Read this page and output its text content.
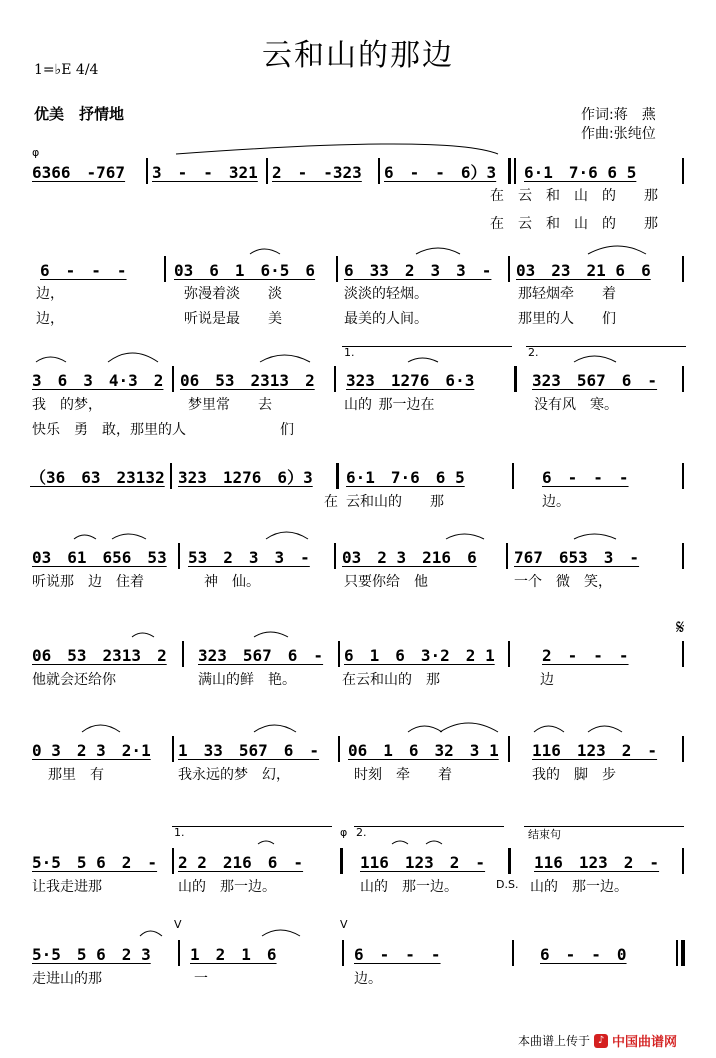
云和山的那边
1=♭E 4/4
优美　抒情地	作词:蒋　燕
作曲:张纯位
φ
6366　-767 3　-　-　321 2　-　-323 6　-　-　6）3 6·1　7·6 6 5
在　云　和　山　的　　那
在　云　和　山　的　　那
6　-　-　-	03　6　1　6·5　6 6　33　2　3　3　- 03　23　21 6　6
边，	弥漫着淡　　淡	淡淡的轻烟。	那轻烟牵　　着
边，	听说是最　　美	最美的人间。	那里的人　　们
1.	2.
3　6　3　4·3　2 06　53　2313　2 323　1276　6·3	323　567　6　-
我　的梦，	梦里常　　去	山的 那一边在	没有风　寒。
快乐　勇　敢，那里的人	　　　　们
（36　63　23132 323　1276　6）3 6·1　7·6　6 5	6　-　-　-
在 云和山的　　那	边。
03　61　656　53 53　2　3　3　- 03　2 3　216　6 767　653　3　-
听说那　边　住着	神　仙。	只要你给　他	一个　微　笑，
06　53　2313　2 323　567　6　- 6　1　6　3·2　2 1	2　-　-　-
𝄋
他就会还给你	满山的鲜　艳。	在云和山的　那	边
0 3　2 3　2·1 1　33　567　6　- 06　1　6　32　3 1 116　123　2　-
那里　有	我永远的梦　幻，	时刻　牵　　着	我的　脚　步
1.	φ 2.	结束句
5·5　5 6　2　- 2 2　216　6　-	116　123　2　-	116　123　2　-
让我走进那	山的　那一边。	山的　那一边。	D.S. 山的　那一边。
V	V
5·5　5 6　2 3 1　2　1　6	6　-　-　-	6　-　-　0
走进山的那	一	边。
本曲谱上传于 ♪ 中国曲谱网
